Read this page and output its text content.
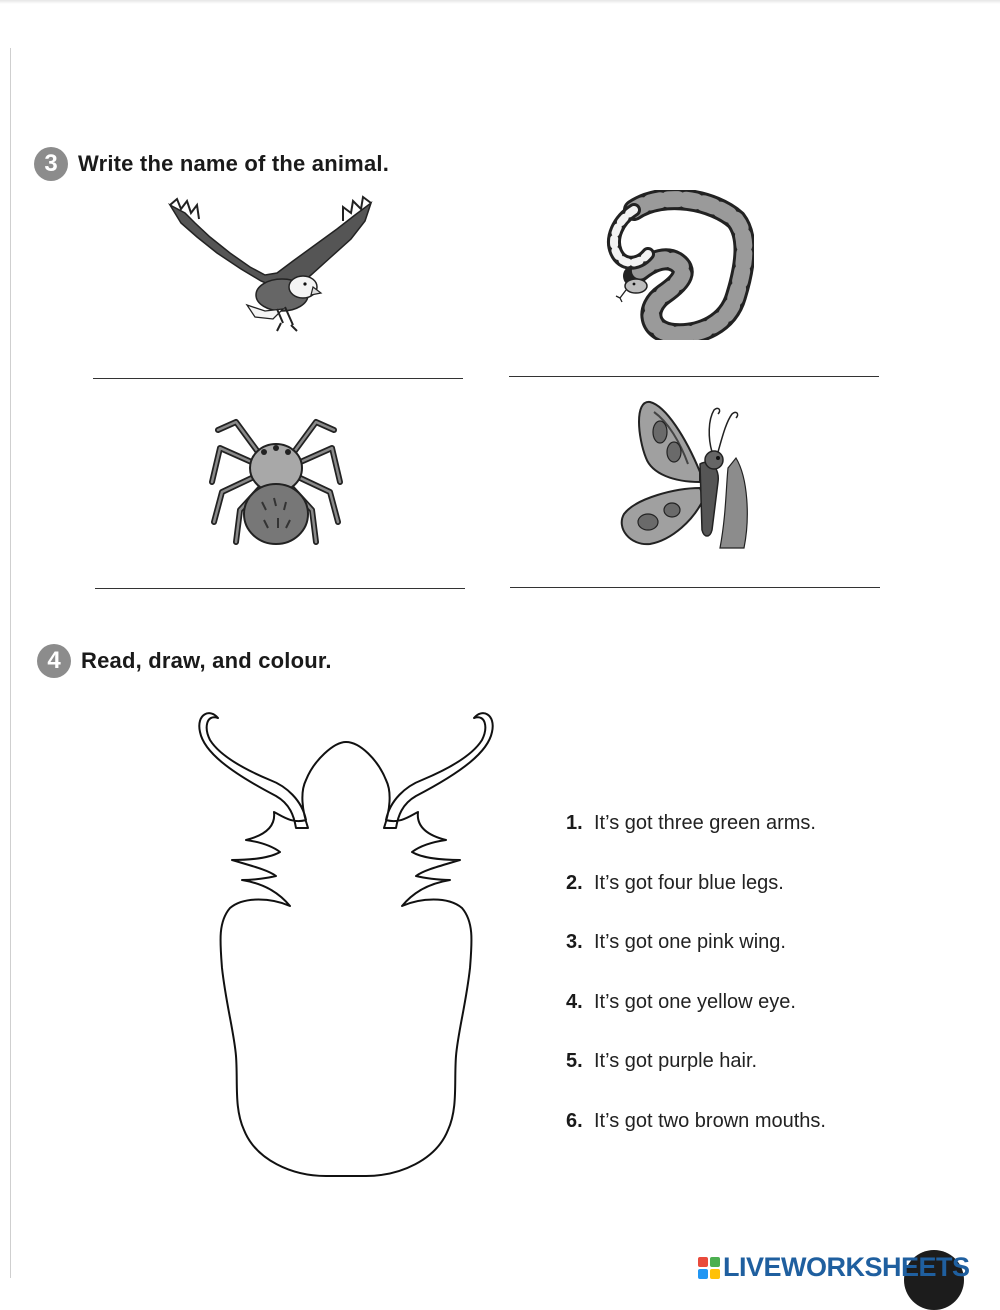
3 Write the name of the animal.
4 Read, draw, and colour.
1. It’s got three green arms.
2. It’s got four blue legs.
3. It’s got one pink wing.
4. It’s got one yellow eye.
5. It’s got purple hair.
6. It’s got two brown mouths.
LIVEWORKSHEETS
